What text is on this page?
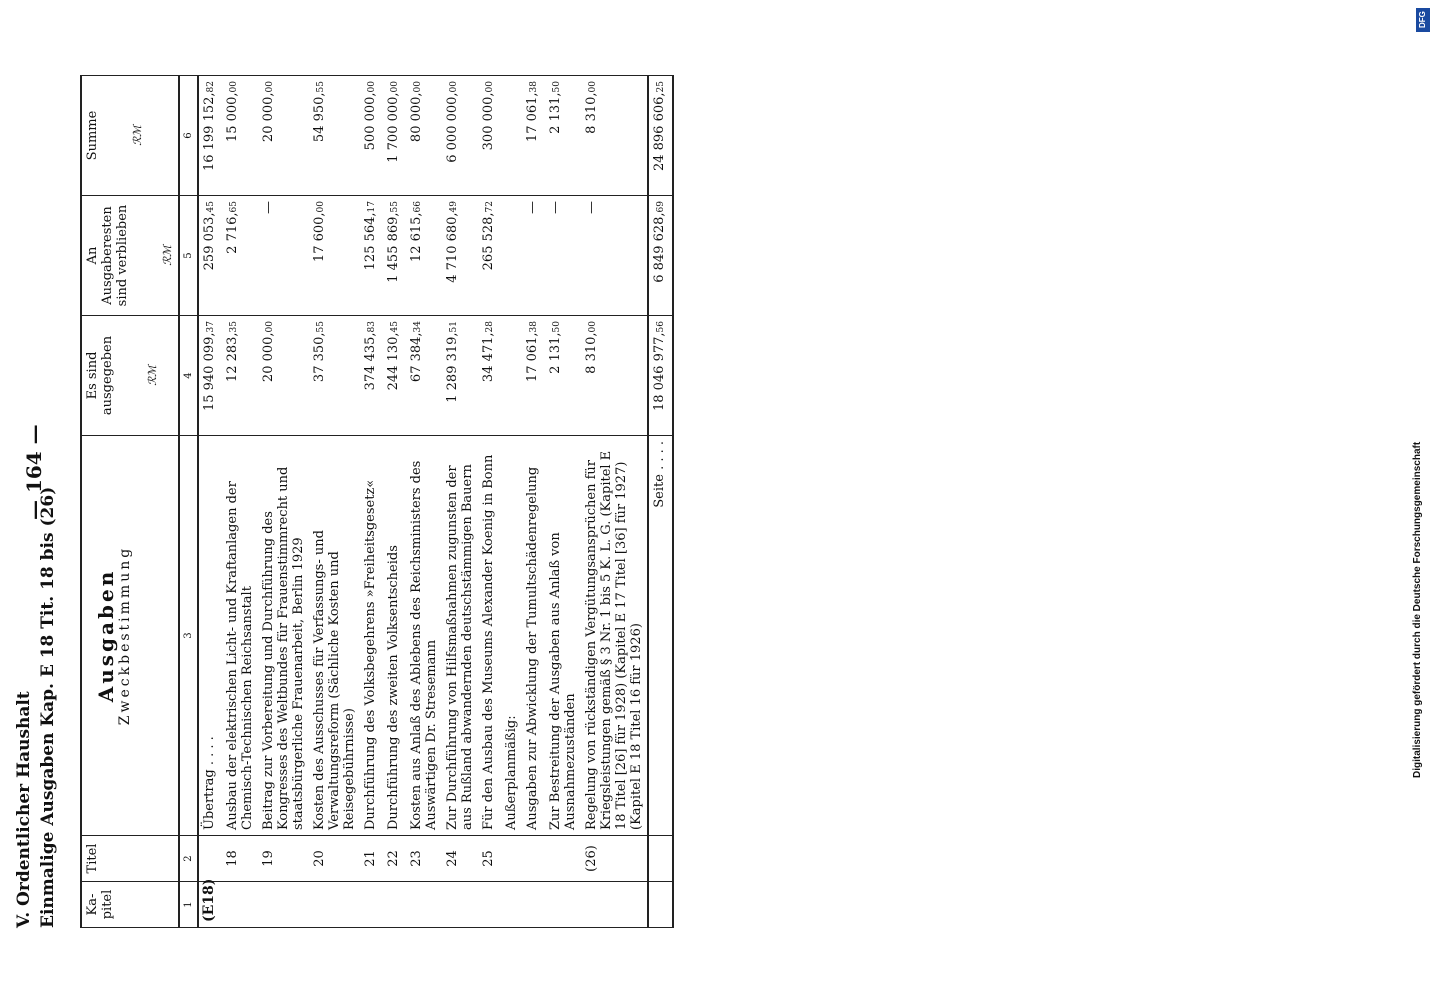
V. Ordentlicher Haushalt Einmalige Ausgaben Kap. E 18 Tit. 18 bis (26)
— 164 —
Ka-pitel	Titel	Ausgaben Zweckbestimmung	Es sind ausgegeben ℛℳ	An Ausgaberesten sind verblieben ℛℳ	Summe ℛℳ

1	2	3	4	5	6
(E18)		Übertrag . . . .	15 940 099,37	259 053,45	16 199 152,82
	18	Ausbau der elektrischen Licht- und Kraftanlagen der Chemisch-Technischen Reichsanstalt	12 283,35	2 716,65	15 000,00
	19	Beitrag zur Vorbereitung und Durchführung des Kongresses des Weltbundes für Frauenstimmrecht und staatsbürgerliche Frauenarbeit, Berlin 1929	20 000,00	—	20 000,00
	20	Kosten des Ausschusses für Verfassungs- und Verwaltungsreform (Sächliche Kosten und Reisegebührnisse)	37 350,55	17 600,00	54 950,55
	21	Durchführung des Volksbegehrens »Freiheitsgesetz«	374 435,83	125 564,17	500 000,00
	22	Durchführung des zweiten Volksentscheids	244 130,45	1 455 869,55	1 700 000,00
	23	Kosten aus Anlaß des Ablebens des Reichsministers des Auswärtigen Dr. Stresemann	67 384,34	12 615,66	80 000,00
	24	Zur Durchführung von Hilfsmaßnahmen zugunsten der aus Rußland abwandernden deutschstämmigen Bauern	1 289 319,51	4 710 680,49	6 000 000,00
	25	Für den Ausbau des Museums Alexander Koenig in Bonn	34 471,28	265 528,72	300 000,00
		Außerplanmäßig:			
		Ausgaben zur Abwicklung der Tumultschädenregelung	17 061,38	—	17 061,38
		Zur Bestreitung der Ausgaben aus Anlaß von Ausnahmezuständen	2 131,50	—	2 131,50
	(26)	Regelung von rückständigen Vergütungsansprüchen für Kriegsleistungen gemäß § 3 Nr. 1 bis 5 K. L. G. (Kapitel E 18 Titel [26] für 1928) (Kapitel E 17 Titel [36] für 1927) (Kapitel E 18 Titel 16 für 1926)	8 310,00	—	8 310,00
		Seite . . . .	18 046 977,56	6 849 628,69	24 896 606,25
Digitalisierung gefördert durch die Deutsche Forschungsgemeinschaft
DFG
